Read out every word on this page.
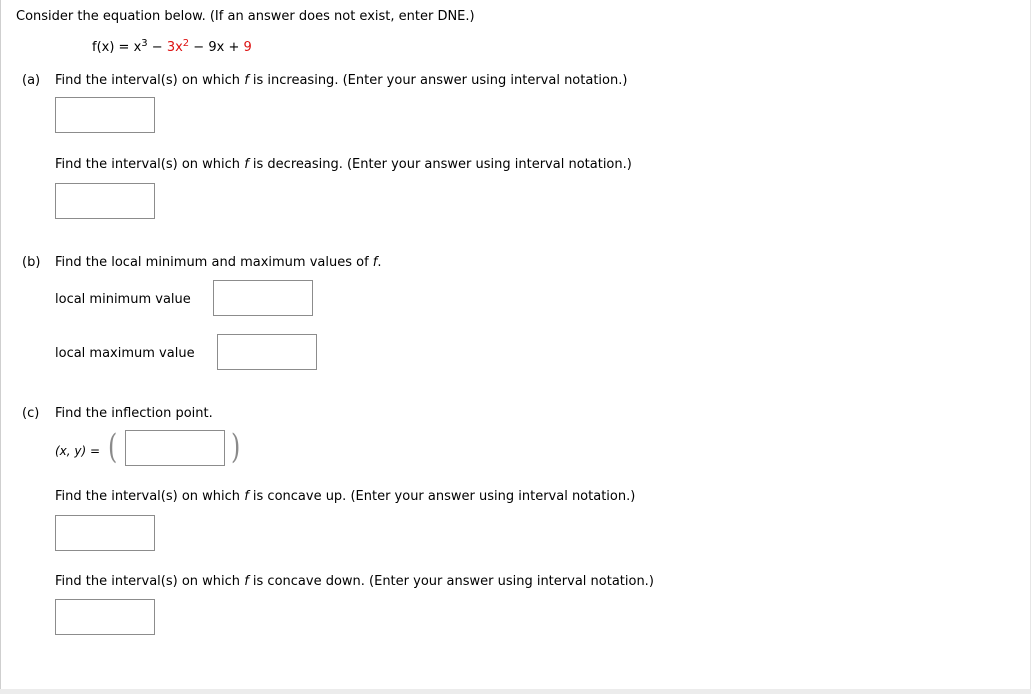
Consider the equation below. (If an answer does not exist, enter DNE.)
$f(x) = x^3 - 3x^2 - 9x + 9$
(a) Find the interval(s) on which f is increasing. (Enter your answer using interval notation.)
Find the interval(s) on which f is decreasing. (Enter your answer using interval notation.)
(b) Find the local minimum and maximum values of f.
local minimum value
local maximum value
(c) Find the inflection point.
(x, y) = (	)
Find the interval(s) on which f is concave up. (Enter your answer using interval notation.)
Find the interval(s) on which f is concave down. (Enter your answer using interval notation.)
